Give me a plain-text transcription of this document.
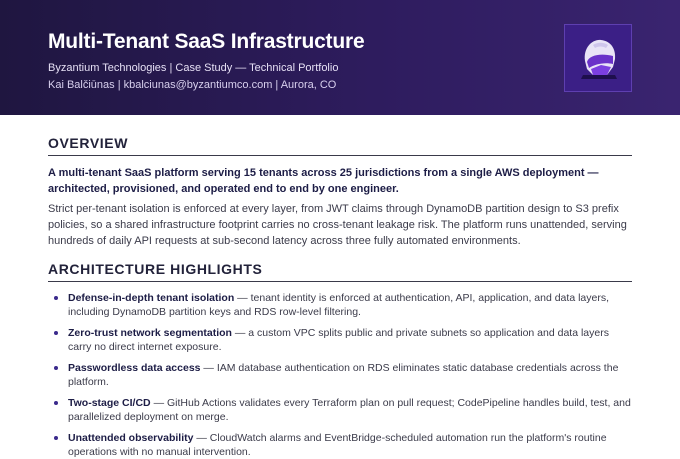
Multi-Tenant SaaS Infrastructure
Byzantium Technologies | Case Study — Technical Portfolio
Kai Balčiūnas | kbalciunas@byzantiumco.com | Aurora, CO
OVERVIEW

A multi-tenant SaaS platform serving 15 tenants across 25 jurisdictions from a single AWS deployment — architected, provisioned, and operated end to end by one engineer.

Strict per-tenant isolation is enforced at every layer, from JWT claims through DynamoDB partition design to S3 prefix policies, so a shared infrastructure footprint carries no cross-tenant leakage risk. The platform runs unattended, serving hundreds of daily API requests at sub-second latency across three fully automated environments.

ARCHITECTURE HIGHLIGHTS
Defense-in-depth tenant isolation — tenant identity is enforced at authentication, API, application, and data layers, including DynamoDB partition keys and RDS row-level filtering.
Zero-trust network segmentation — a custom VPC splits public and private subnets so application and data layers carry no direct internet exposure.
Passwordless data access — IAM database authentication on RDS eliminates static database credentials across the platform.
Two-stage CI/CD — GitHub Actions validates every Terraform plan on pull request; CodePipeline handles build, test, and parallelized deployment on merge.
Unattended observability — CloudWatch alarms and EventBridge-scheduled automation run the platform's routine operations with no manual intervention.
